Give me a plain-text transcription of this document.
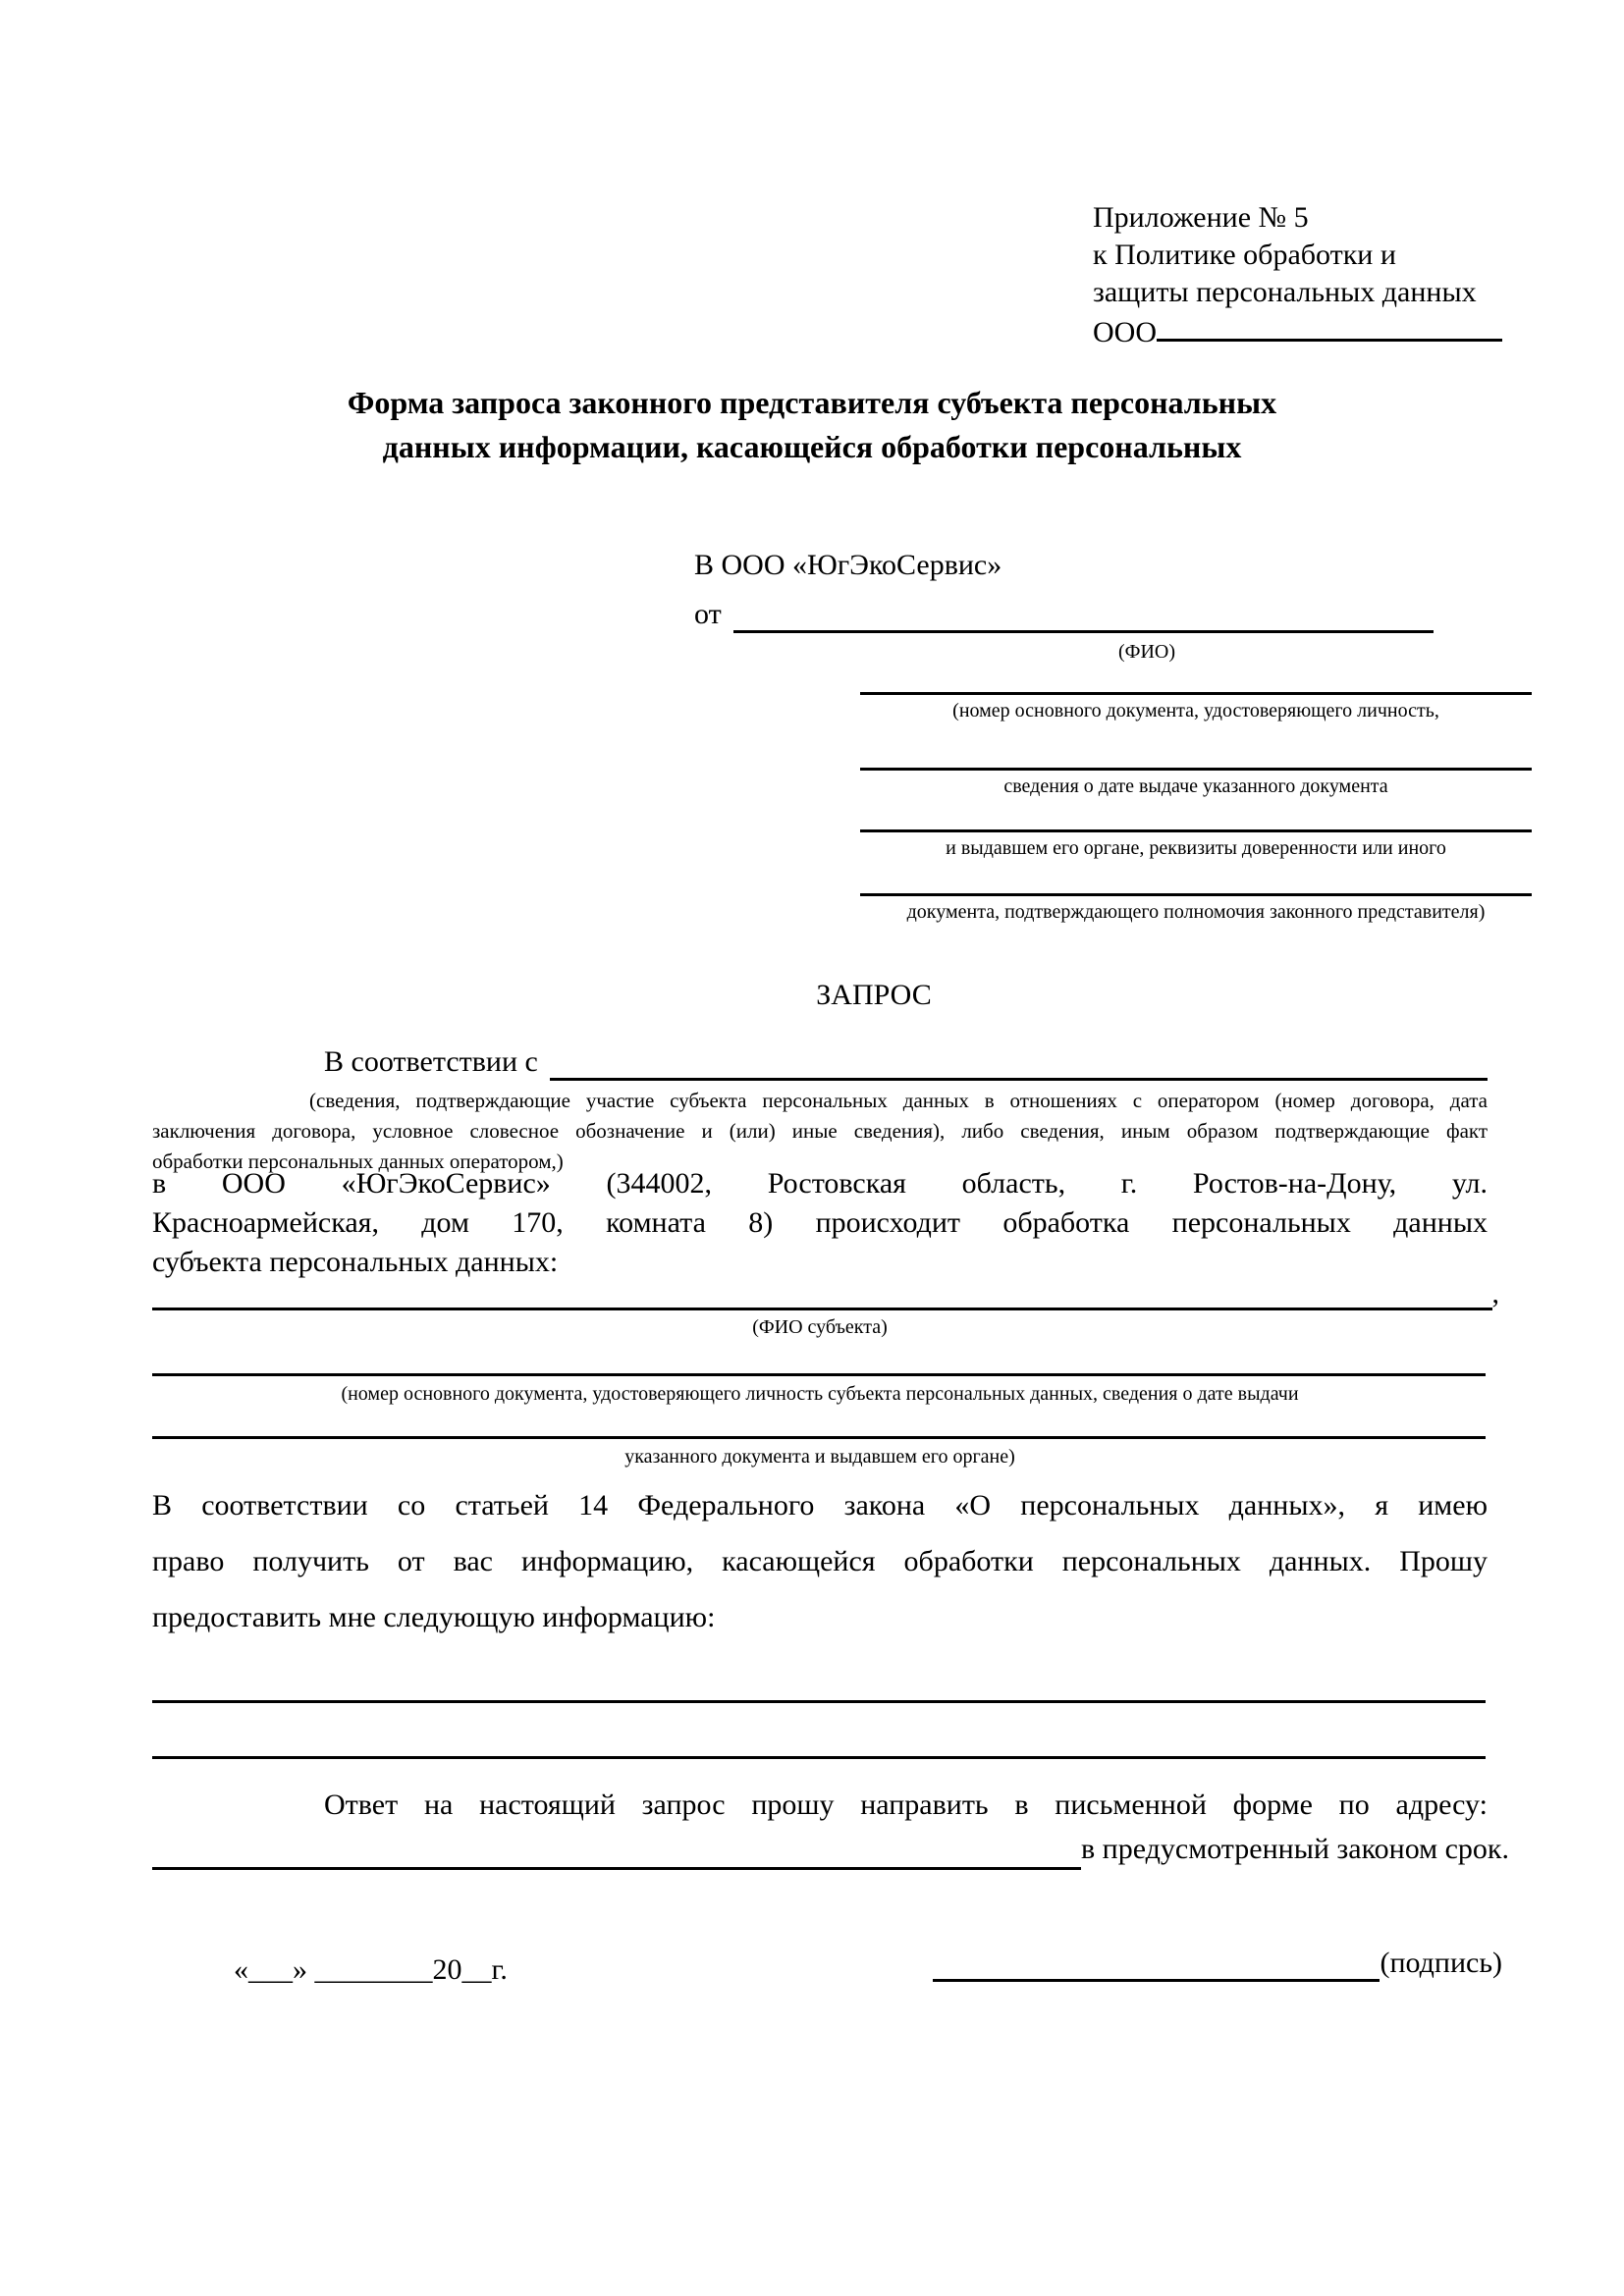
Приложение № 5
к Политике обработки и
защиты персональных данных
ООО
Форма запроса законного представителя субъекта персональных
данных информации, касающейся обработки персональных
В ООО «ЮгЭкоСервис»
от
(ФИО)
(номер основного документа, удостоверяющего личность,
сведения о дате выдаче указанного документа
и выдавшем его органе, реквизиты доверенности или иного
документа, подтверждающего полномочия законного представителя)
ЗАПРОС
В соответствии с
(сведения, подтверждающие участие субъекта персональных данных в отношениях с оператором (номер договора, дата
заключения договора, условное словесное обозначение и (или) иные сведения), либо сведения, иным образом подтверждающие факт
обработки персональных данных оператором,)
в ООО «ЮгЭкоСервис» (344002, Ростовская область, г. Ростов-на-Дону, ул.
Красноармейская, дом 170, комната 8) происходит обработка персональных данных
субъекта персональных данных:
,
(ФИО субъекта)
(номер основного документа, удостоверяющего личность субъекта персональных данных, сведения о дате выдачи
указанного документа и выдавшем его органе)
В соответствии со статьей 14 Федерального закона «О персональных данных», я имею
право получить от вас информацию, касающейся обработки персональных данных. Прошу
предоставить мне следующую информацию:
Ответ на настоящий запрос прошу направить в письменной форме по адресу:
в предусмотренный законом срок.
«___» ________20__г.	(подпись)
